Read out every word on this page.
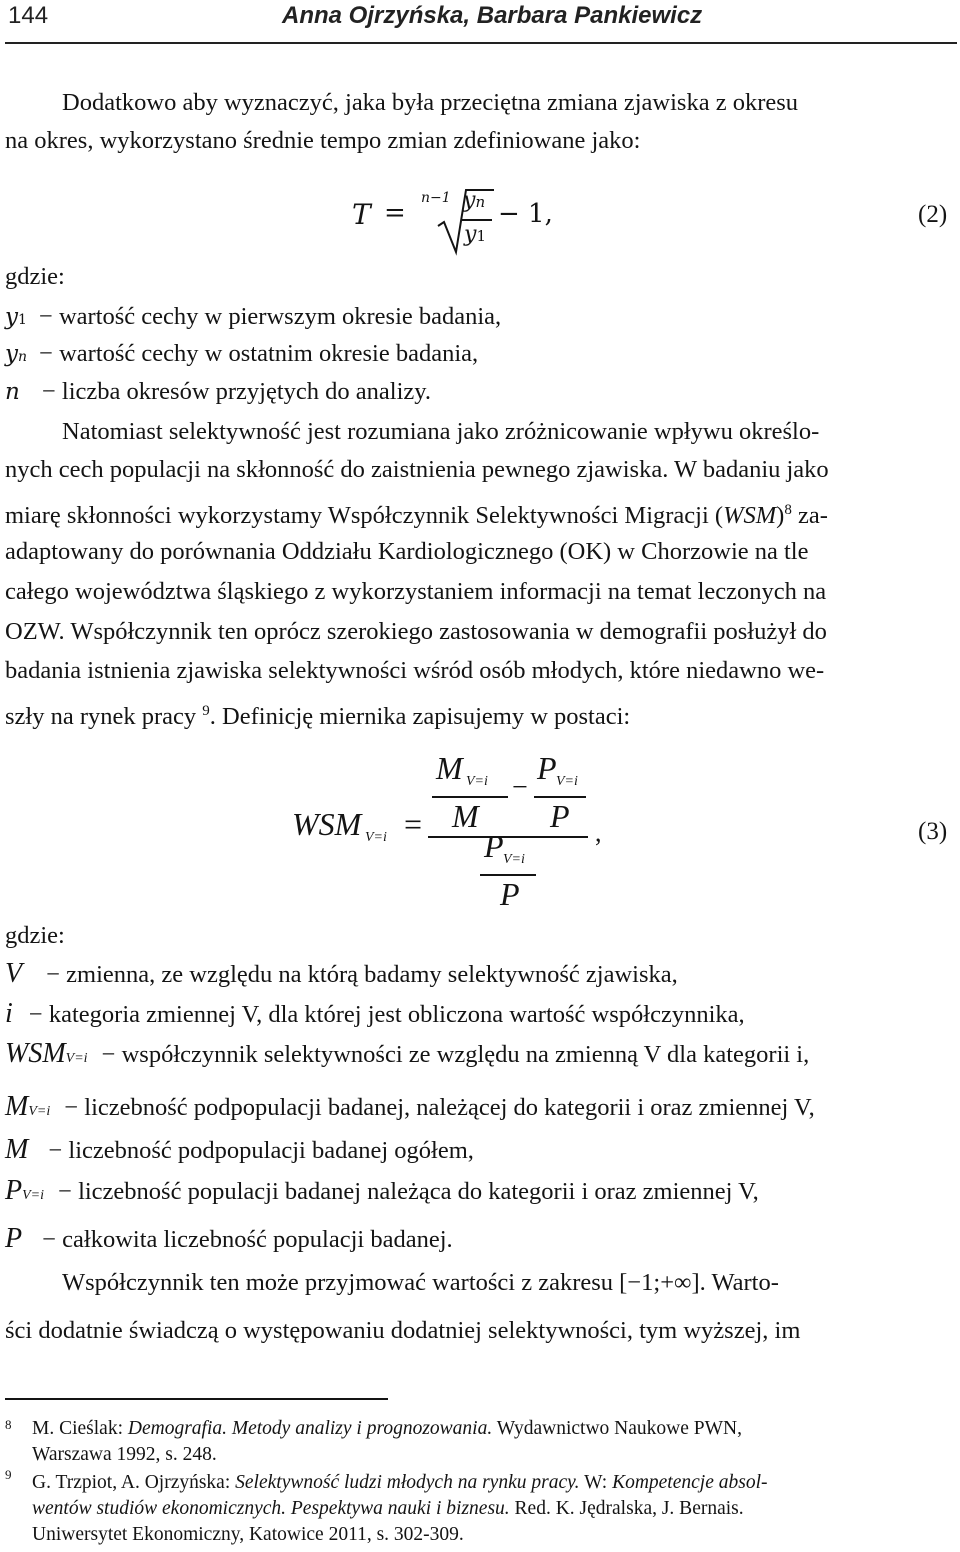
144	Anna Ojrzyńska, Barbara Pankiewicz
Dodatkowo aby wyznaczyć, jaka była przeciętna zmiana zjawiska z okresu
na okres, wykorzystano średnie tempo zmian zdefiniowane jako:
T = n−1 yn
y1
− 1,	(2)
gdzie:
y1 − wartość cechy w pierwszym okresie badania,
yn − wartość cechy w ostatnim okresie badania,
n − liczba okresów przyjętych do analizy.
Natomiast selektywność jest rozumiana jako zróżnicowanie wpływu określo-
nych cech populacji na skłonność do zaistnienia pewnego zjawiska. W badaniu jako
miarę skłonności wykorzystamy Współczynnik Selektywności Migracji (WSM)$^8$ za-
adaptowany do porównania Oddziału Kardiologicznego (OK) w Chorzowie na tle
całego województwa śląskiego z wykorzystaniem informacji na temat leczonych na
OZW. Współczynnik ten oprócz szerokiego zastosowania w demografii posłużył do
badania istnienia zjawiska selektywności wśród osób młodych, które niedawno we-
szły na rynek pracy $^9$. Definicję miernika zapisujemy w postaci:
WSM V=i =
M V=i
M
−
P V=i
P
P V=i
P
,	(3)
gdzie:
V − zmienna, ze względu na którą badamy selektywność zjawiska,
i − kategoria zmiennej V, dla której jest obliczona wartość współczynnika,
WSMV=i − współczynnik selektywności ze względu na zmienną V dla kategorii i,
MV=i − liczebność podpopulacji badanej, należącej do kategorii i oraz zmiennej V,
M − liczebność podpopulacji badanej ogółem,
PV=i − liczebność populacji badanej należąca do kategorii i oraz zmiennej V,
P − całkowita liczebność populacji badanej.
Współczynnik ten może przyjmować wartości z zakresu [−1;+∞]. Warto-
ści dodatnie świadczą o występowaniu dodatniej selektywności, tym wyższej, im
8 M. Cieślak: Demografia. Metody analizy i prognozowania. Wydawnictwo Naukowe PWN,
Warszawa 1992, s. 248.
9 G. Trzpiot, A. Ojrzyńska: Selektywność ludzi młodych na rynku pracy. W: Kompetencje absol-
wentów studiów ekonomicznych. Pespektywa nauki i biznesu. Red. K. Jędralska, J. Bernais.
Uniwersytet Ekonomiczny, Katowice 2011, s. 302-309.
